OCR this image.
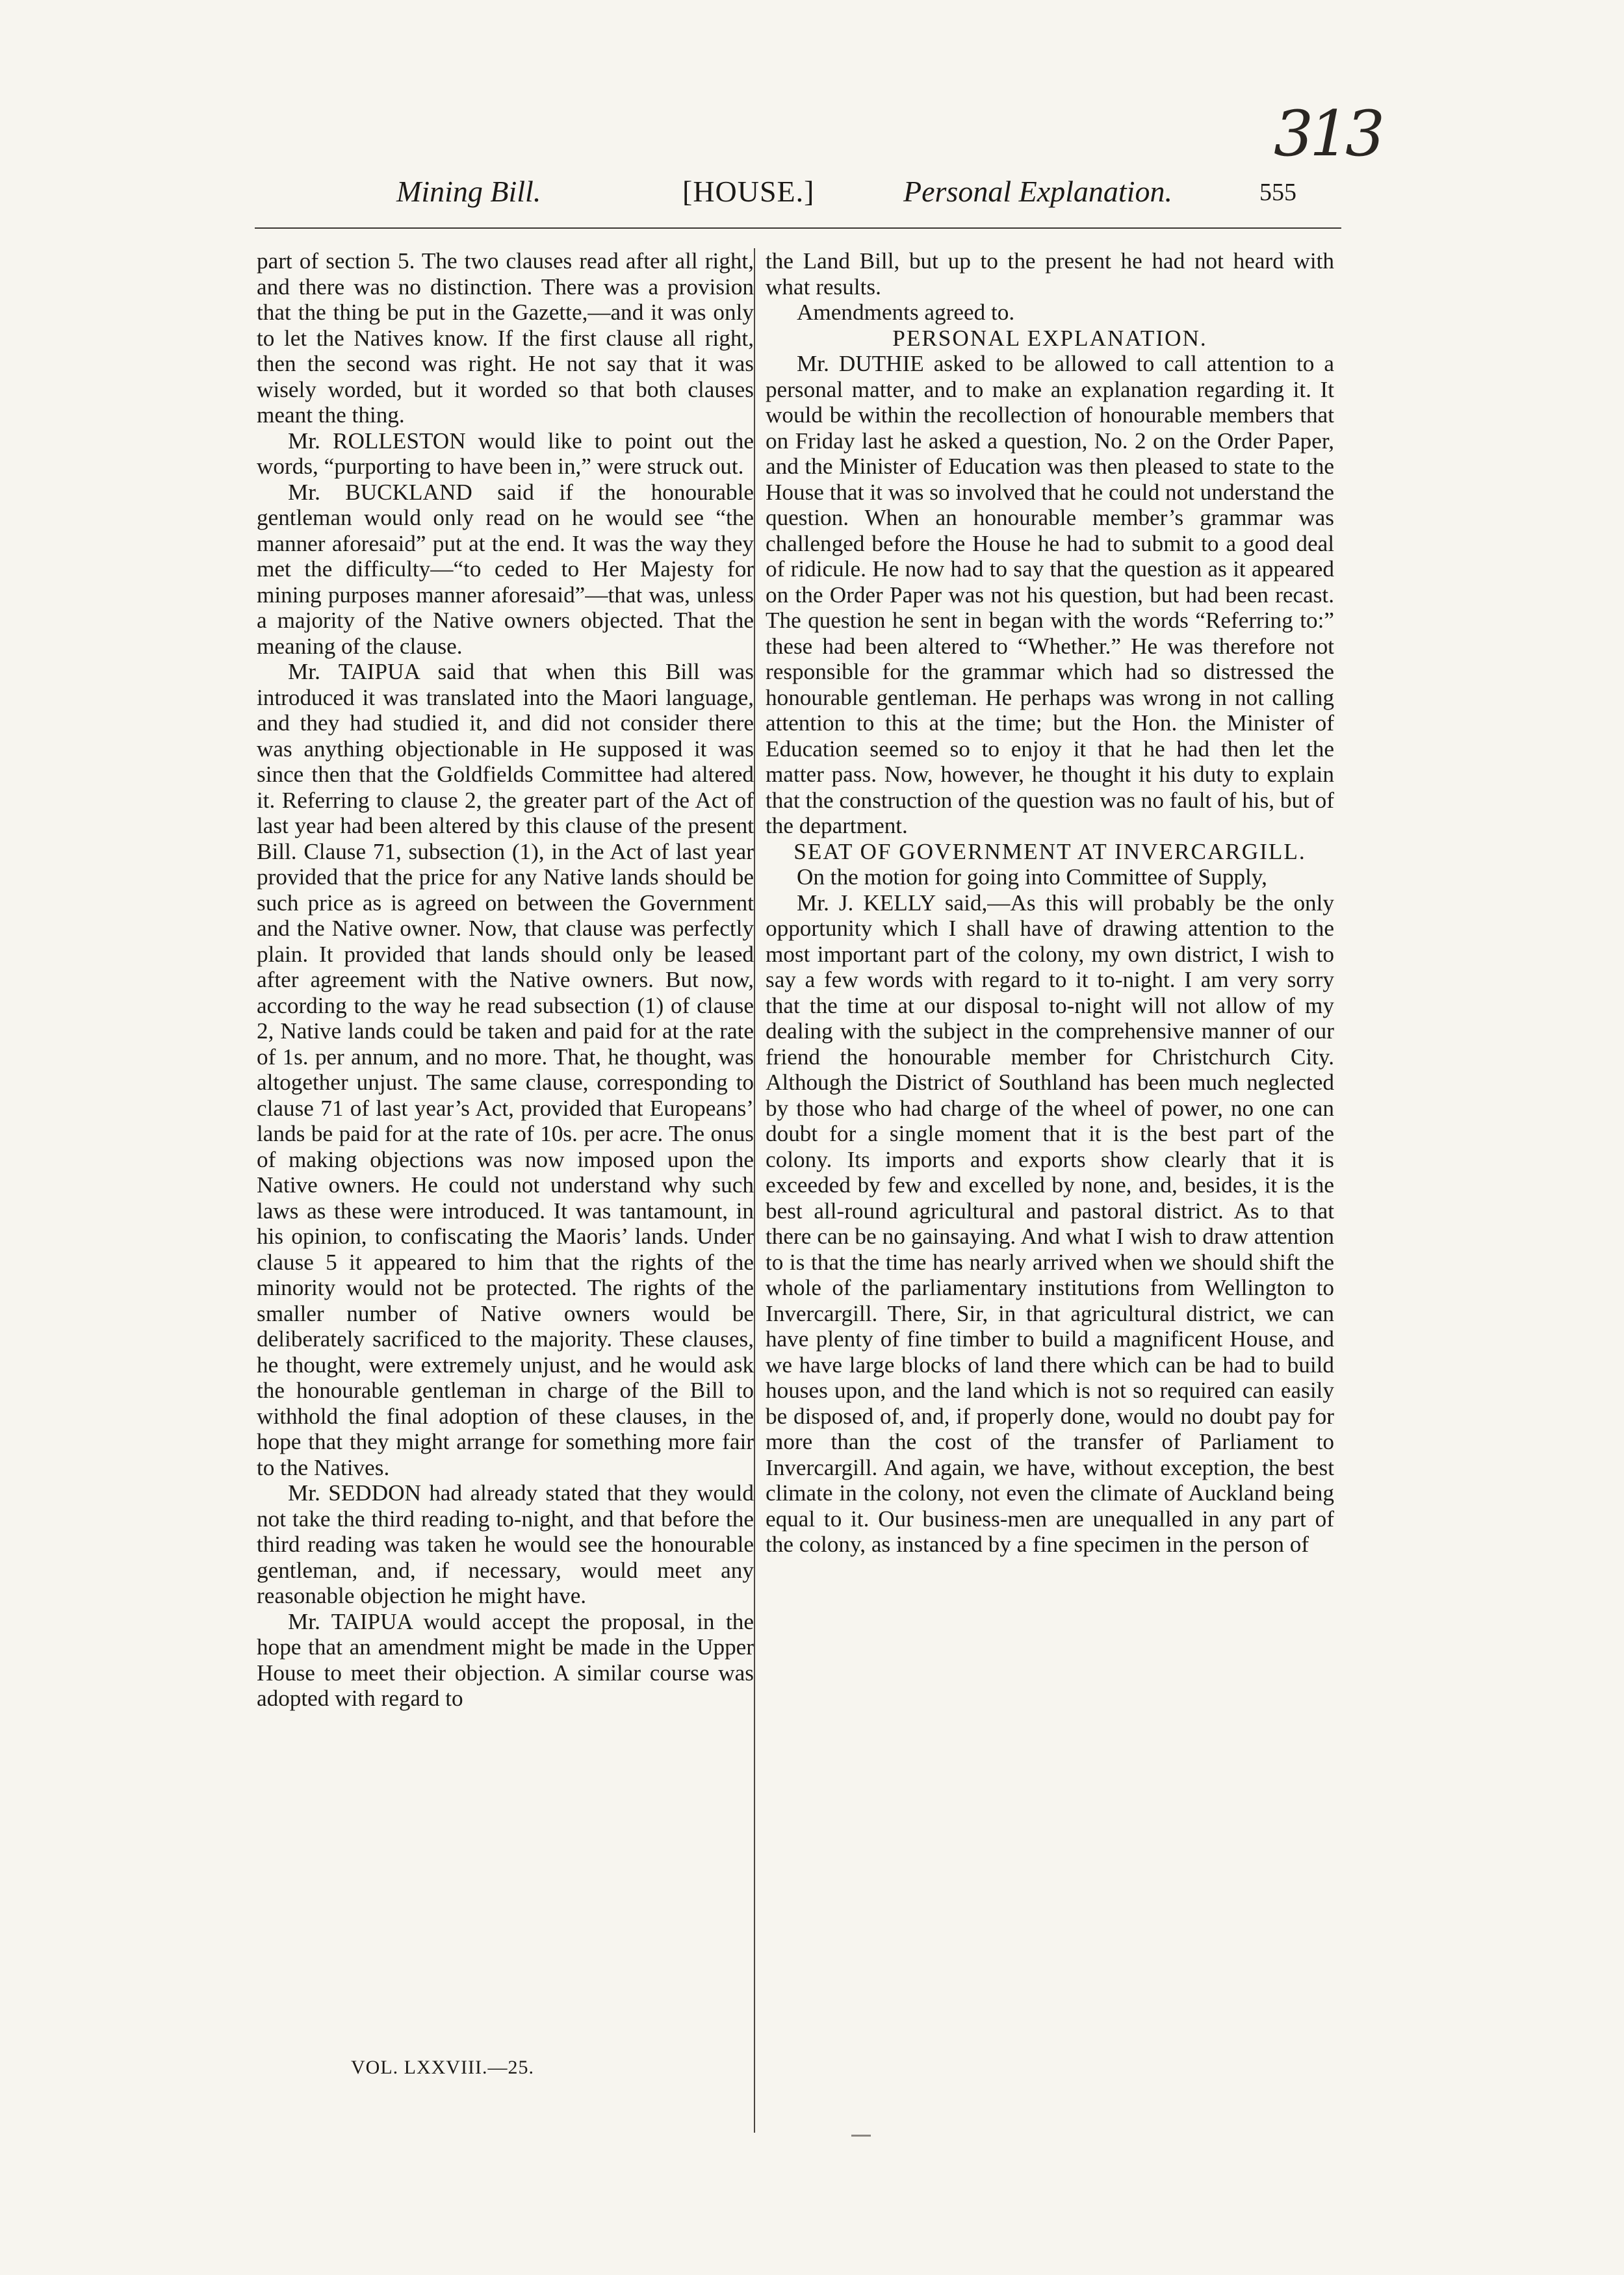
313
Mining Bill.	[HOUSE.]	Personal Explanation.	555

part of section 5. The two clauses read after all right, and there was no distinction. There was a provision that the thing be put in the Gazette,—and it was only to let the Natives know. If the first clause all right, then the second was right. He not say that it was wisely worded, but it worded so that both clauses meant the thing.

Mr. ROLLESTON would like to point out the words, “purporting to have been in,” were struck out.

Mr. BUCKLAND said if the honourable gentleman would only read on he would see “the manner aforesaid” put at the end. It was the way they met the difficulty—“to ceded to Her Majesty for mining purposes manner aforesaid”—that was, unless a majority of the Native owners objected. That the meaning of the clause.

Mr. TAIPUA said that when this Bill was introduced it was translated into the Maori language, and they had studied it, and did not consider there was anything objectionable in He supposed it was since then that the Goldfields Committee had altered it. Referring to clause 2, the greater part of the Act of last year had been altered by this clause of the present Bill. Clause 71, subsection (1), in the Act of last year provided that the price for any Native lands should be such price as is agreed on between the Government and the Native owner. Now, that clause was perfectly plain. It provided that lands should only be leased after agreement with the Native owners. But now, according to the way he read subsection (1) of clause 2, Native lands could be taken and paid for at the rate of 1s. per annum, and no more. That, he thought, was altogether unjust. The same clause, corresponding to clause 71 of last year’s Act, provided that Europeans’ lands be paid for at the rate of 10s. per acre. The onus of making objections was now imposed upon the Native owners. He could not understand why such laws as these were introduced. It was tantamount, in his opinion, to confiscating the Maoris’ lands. Under clause 5 it appeared to him that the rights of the minority would not be protected. The rights of the smaller number of Native owners would be deliberately sacrificed to the majority. These clauses, he thought, were extremely unjust, and he would ask the honourable gentleman in charge of the Bill to withhold the final adoption of these clauses, in the hope that they might arrange for something more fair to the Natives.

Mr. SEDDON had already stated that they would not take the third reading to-night, and that before the third reading was taken he would see the honourable gentleman, and, if necessary, would meet any reasonable objection he might have.

Mr. TAIPUA would accept the proposal, in the hope that an amendment might be made in the Upper House to meet their objection. A similar course was adopted with regard to

the Land Bill, but up to the present he had not heard with what results.

Amendments agreed to.

PERSONAL EXPLANATION.

Mr. DUTHIE asked to be allowed to call attention to a personal matter, and to make an explanation regarding it. It would be within the recollection of honourable members that on Friday last he asked a question, No. 2 on the Order Paper, and the Minister of Education was then pleased to state to the House that it was so involved that he could not understand the question. When an honourable member’s grammar was challenged before the House he had to submit to a good deal of ridicule. He now had to say that the question as it appeared on the Order Paper was not his question, but had been recast. The question he sent in began with the words “Referring to:” these had been altered to “Whether.” He was therefore not responsible for the grammar which had so distressed the honourable gentleman. He perhaps was wrong in not calling attention to this at the time; but the Hon. the Minister of Education seemed so to enjoy it that he had then let the matter pass. Now, however, he thought it his duty to explain that the construction of the question was no fault of his, but of the department.

SEAT OF GOVERNMENT AT INVERCARGILL.

On the motion for going into Committee of Supply,

Mr. J. KELLY said,—As this will probably be the only opportunity which I shall have of drawing attention to the most important part of the colony, my own district, I wish to say a few words with regard to it to-night. I am very sorry that the time at our disposal to-night will not allow of my dealing with the subject in the comprehensive manner of our friend the honourable member for Christchurch City. Although the District of Southland has been much neglected by those who had charge of the wheel of power, no one can doubt for a single moment that it is the best part of the colony. Its imports and exports show clearly that it is exceeded by few and excelled by none, and, besides, it is the best all-round agricultural and pastoral district. As to that there can be no gainsaying. And what I wish to draw attention to is that the time has nearly arrived when we should shift the whole of the parliamentary institutions from Wellington to Invercargill. There, Sir, in that agricultural district, we can have plenty of fine timber to build a magnificent House, and we have large blocks of land there which can be had to build houses upon, and the land which is not so required can easily be disposed of, and, if properly done, would no doubt pay for more than the cost of the transfer of Parliament to Invercargill. And again, we have, without exception, the best climate in the colony, not even the climate of Auckland being equal to it. Our business-men are unequalled in any part of the colony, as instanced by a fine specimen in the person of

VOL. LXXVIII.—25.
